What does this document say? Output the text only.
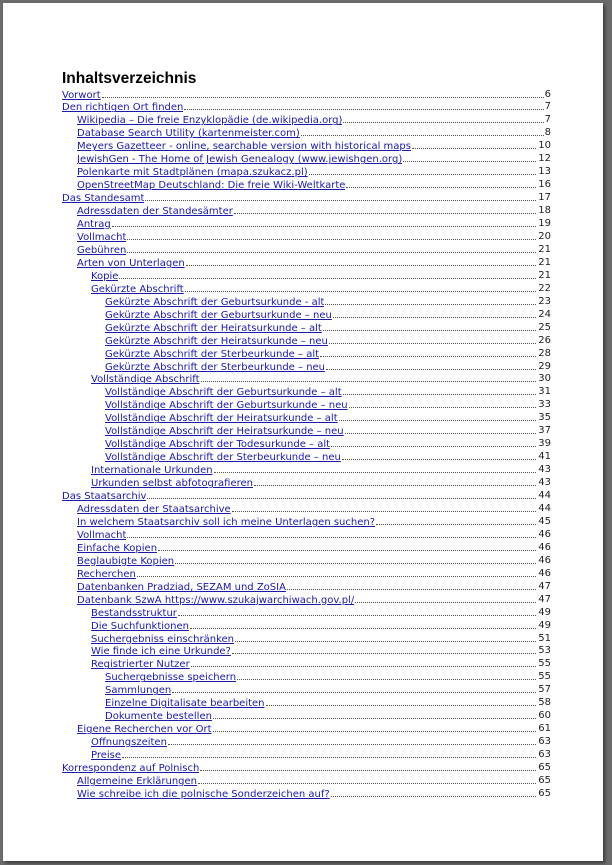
Inhaltsverzeichnis
Vorwort	6
Den richtigen Ort finden	7
Wikipedia – Die freie Enzyklopädie (de.wikipedia.org)	7
Database Search Utility (kartenmeister.com)	8
Meyers Gazetteer - online, searchable version with historical maps	10
JewishGen - The Home of Jewish Genealogy (www.jewishgen.org)	12
Polenkarte mit Stadtplänen (mapa.szukacz.pl)	13
OpenStreetMap Deutschland: Die freie Wiki-Weltkarte	16
Das Standesamt	17
Adressdaten der Standesämter	18
Antrag	19
Vollmacht	20
Gebühren	21
Arten von Unterlagen	21
Kopie	21
Gekürzte Abschrift	22
Gekürzte Abschrift der Geburtsurkunde - alt	23
Gekürzte Abschrift der Geburtsurkunde – neu	24
Gekürzte Abschrift der Heiratsurkunde – alt	25
Gekürzte Abschrift der Heiratsurkunde – neu	26
Gekürzte Abschrift der Sterbeurkunde – alt	28
Gekürzte Abschrift der Sterbeurkunde – neu	29
Vollständige Abschrift	30
Vollständige Abschrift der Geburtsurkunde – alt	31
Vollständige Abschrift der Geburtsurkunde – neu	33
Vollständige Abschrift der Heiratsurkunde – alt	35
Vollständige Abschrift der Heiratsurkunde – neu	37
Vollständige Abschrift der Todesurkunde – alt	39
Vollständige Abschrift der Sterbeurkunde – neu	41
Internationale Urkunden	43
Urkunden selbst abfotografieren	43
Das Staatsarchiv	44
Adressdaten der Staatsarchive	44
In welchem Staatsarchiv soll ich meine Unterlagen suchen?	45
Vollmacht	46
Einfache Kopien	46
Beglaubigte Kopien	46
Recherchen	46
Datenbanken Pradziad, SEZAM und ZoSIA	47
Datenbank SzwA https://www.szukajwarchiwach.gov.pl/	47
Bestandsstruktur	49
Die Suchfunktionen	49
Suchergebniss einschränken	51
Wie finde ich eine Urkunde?	53
Registrierter Nutzer	55
Suchergebnisse speichern	55
Sammlungen	57
Einzelne Digitalisate bearbeiten	58
Dokumente bestellen	60
Eigene Recherchen vor Ort	61
Öffnungszeiten	63
Preise	63
Korrespondenz auf Polnisch	65
Allgemeine Erklärungen	65
Wie schreibe ich die polnische Sonderzeichen auf?	65
